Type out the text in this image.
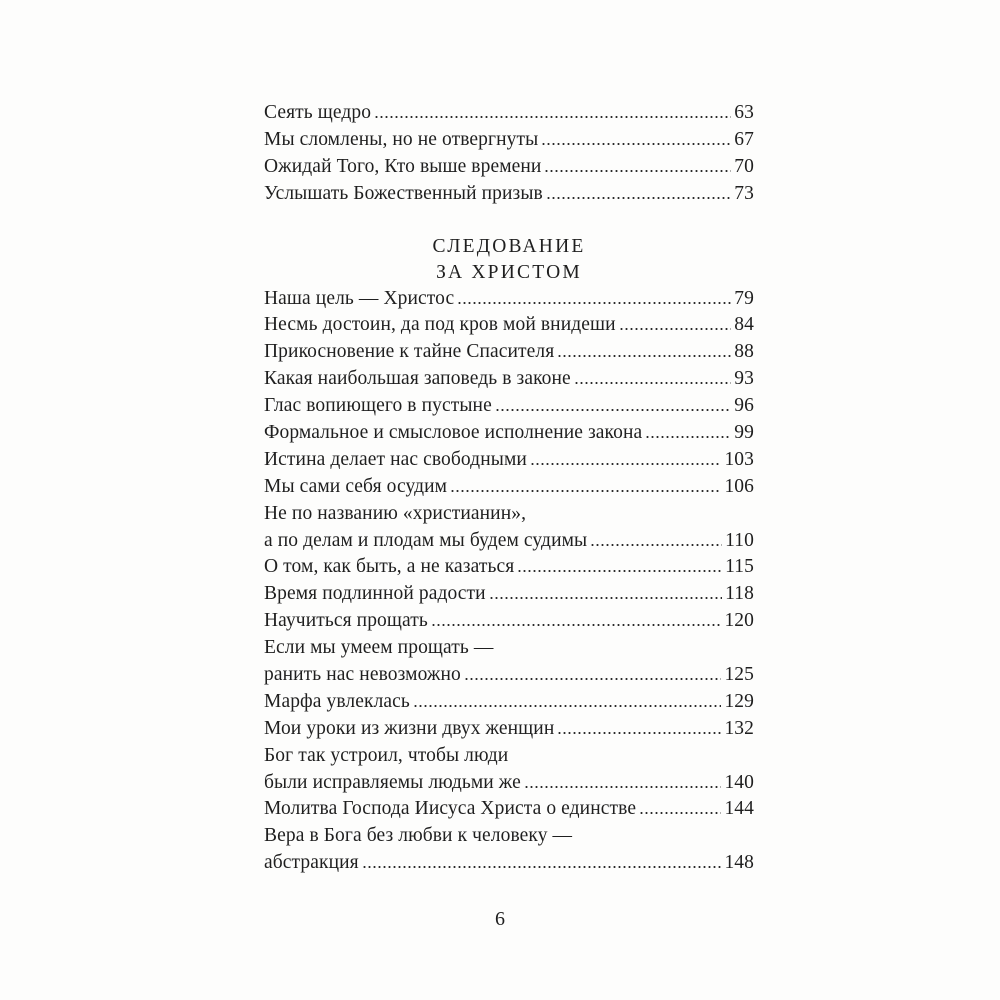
Сеять щедро	63
Мы сломлены, но не отвергнуты	67
Ожидай Того, Кто выше времени	70
Услышать Божественный призыв	73
СЛЕДОВАНИЕ
ЗА ХРИСТОМ
Наша цель — Христос	79
Несмь достоин, да под кров мой внидеши	84
Прикосновение к тайне Спасителя	88
Какая наибольшая заповедь в законе	93
Глас вопиющего в пустыне	96
Формальное и смысловое исполнение закона	99
Истина делает нас свободными	103
Мы сами себя осудим	106
Не по названию «христианин»,
а по делам и плодам мы будем судимы	110
О том, как быть, а не казаться	115
Время подлинной радости	118
Научиться прощать	120
Если мы умеем прощать —
ранить нас невозможно	125
Марфа увлеклась	129
Мои уроки из жизни двух женщин	132
Бог так устроил, чтобы люди
были исправляемы людьми же	140
Молитва Господа Иисуса Христа о единстве	144
Вера в Бога без любви к человеку —
абстракция	148
6
